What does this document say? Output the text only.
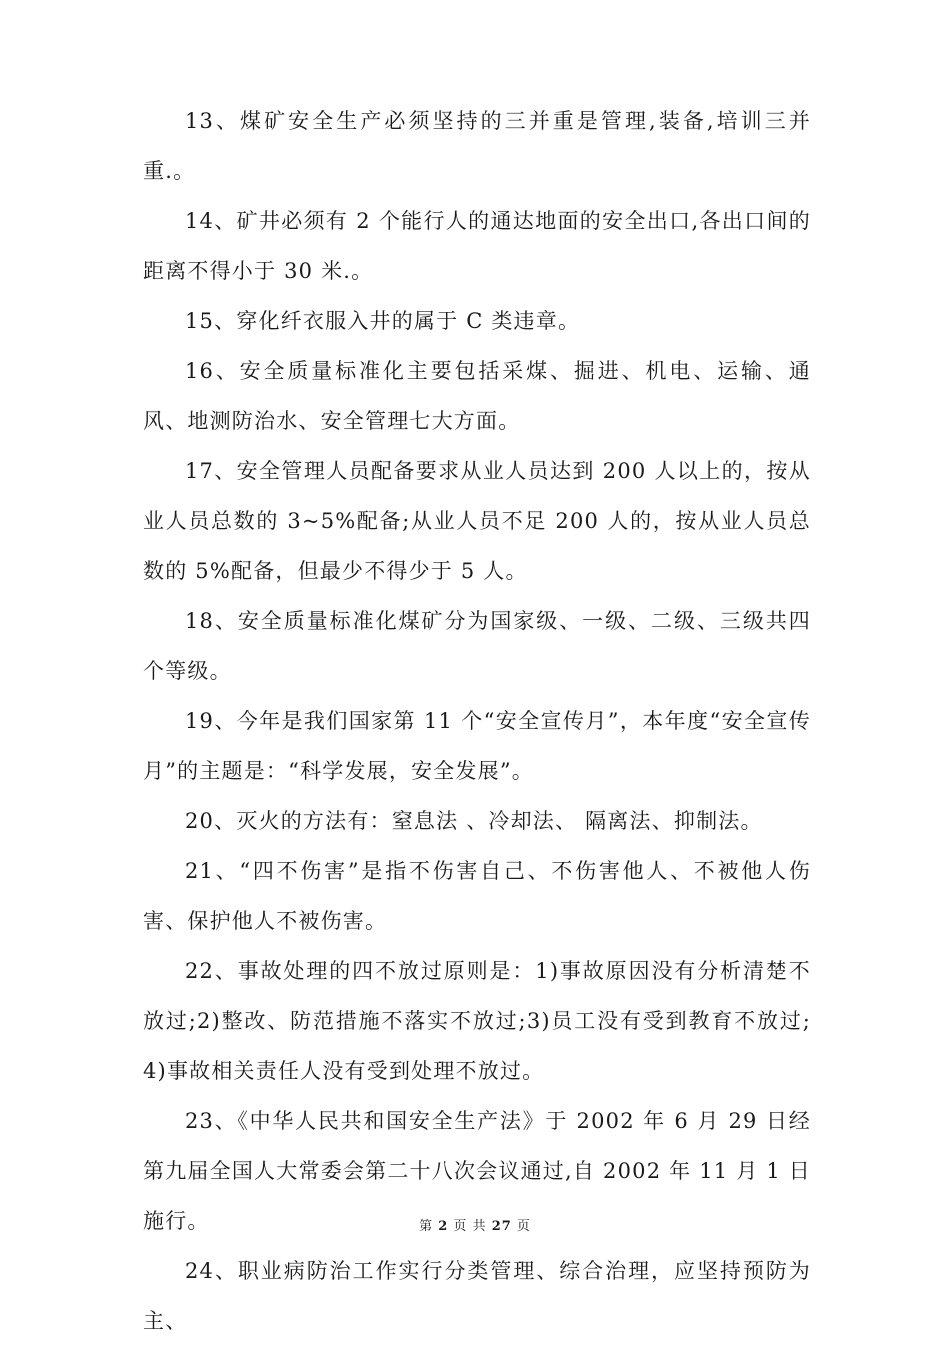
13、煤矿安全生产必须坚持的三并重是管理,装备,培训三并重.。

14、矿井必须有 2 个能行人的通达地面的安全出口,各出口间的距离不得小于 30 米.。

15、穿化纤衣服入井的属于 C 类违章。

16、安全质量标准化主要包括采煤、掘进、机电、运输、通风、地测防治水、安全管理七大方面。

17、安全管理人员配备要求从业人员达到 200 人以上的，按从业人员总数的 3~5%配备;从业人员不足 200 人的，按从业人员总数的 5%配备，但最少不得少于 5 人。

18、安全质量标准化煤矿分为国家级、一级、二级、三级共四个等级。

19、今年是我们国家第 11 个“安全宣传月”，本年度“安全宣传月”的主题是：“科学发展，安全发展”。

20、灭火的方法有：窒息法 、冷却法、 隔离法、抑制法。

21、“四不伤害”是指不伤害自己、不伤害他人、不被他人伤害、保护他人不被伤害。

22、事故处理的四不放过原则是：1)事故原因没有分析清楚不放过;2)整改、防范措施不落实不放过;3)员工没有受到教育不放过;4)事故相关责任人没有受到处理不放过。

23、《中华人民共和国安全生产法》于 2002 年 6 月 29 日经第九届全国人大常委会第二十八次会议通过,自 2002 年 11 月 1 日施行。

24、职业病防治工作实行分类管理、综合治理，应坚持预防为主、

第 2 页 共 27 页
